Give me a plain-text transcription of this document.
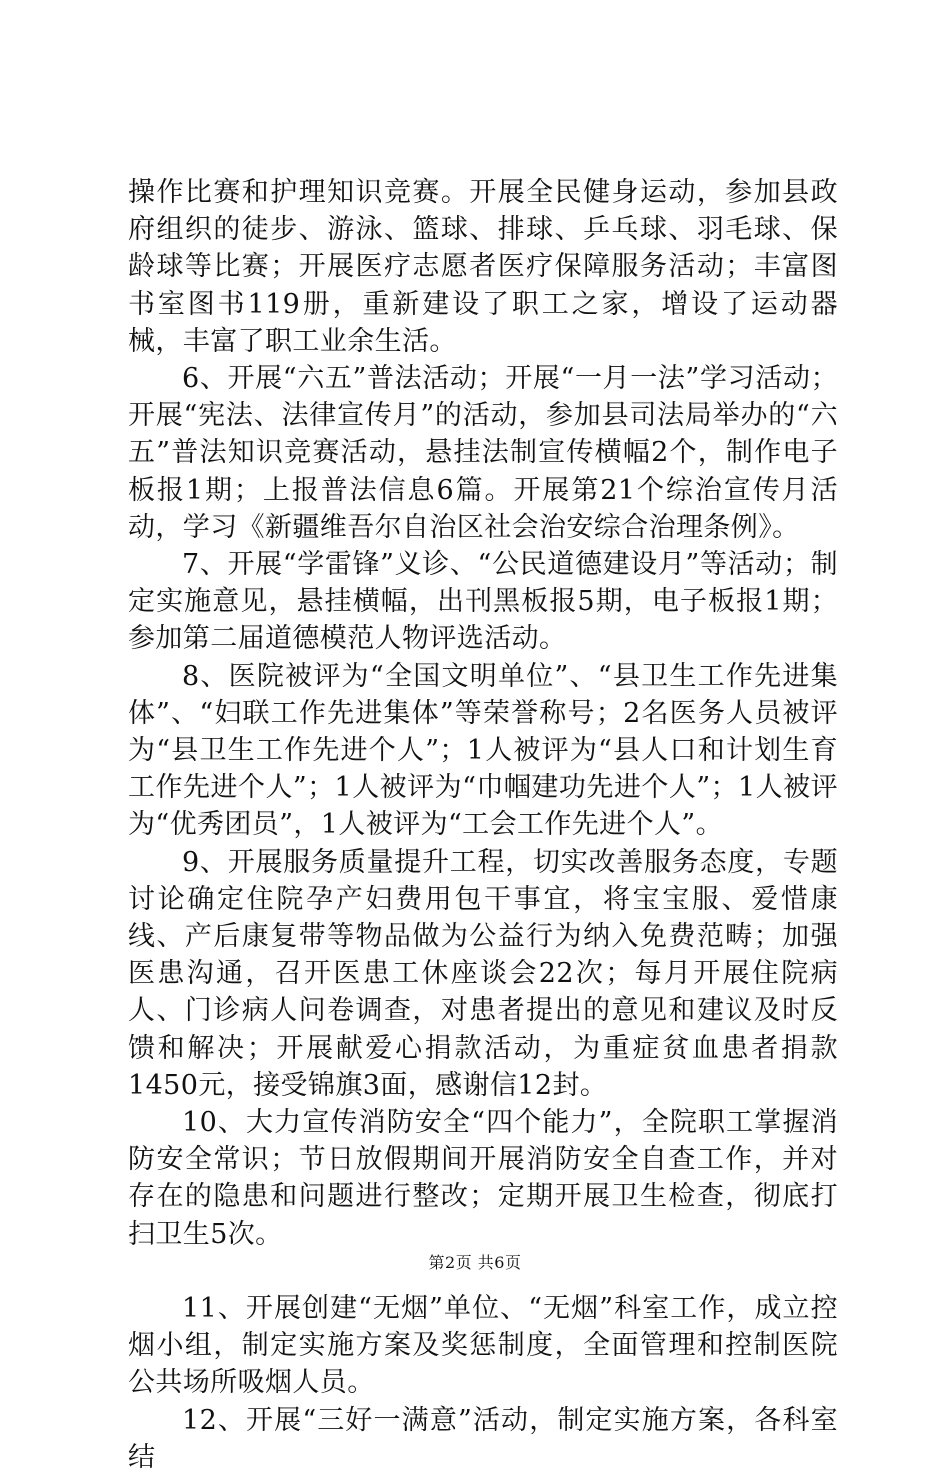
操作比赛和护理知识竞赛。开展全民健身运动，参加县政府组织的徒步、游泳、篮球、排球、乒乓球、羽毛球、保龄球等比赛；开展医疗志愿者医疗保障服务活动；丰富图书室图书119册，重新建设了职工之家，增设了运动器械，丰富了职工业余生活。

6、开展“六五”普法活动；开展“一月一法”学习活动；开展“宪法、法律宣传月”的活动，参加县司法局举办的“六五”普法知识竞赛活动，悬挂法制宣传横幅2个，制作电子板报1期；上报普法信息6篇。开展第21个综治宣传月活动，学习《新疆维吾尔自治区社会治安综合治理条例》。

7、开展“学雷锋”义诊、“公民道德建设月”等活动；制定实施意见，悬挂横幅，出刊黑板报5期，电子板报1期；参加第二届道德模范人物评选活动。

8、医院被评为“全国文明单位”、“县卫生工作先进集体”、“妇联工作先进集体”等荣誉称号；2名医务人员被评为“县卫生工作先进个人”；1人被评为“县人口和计划生育工作先进个人”；1人被评为“巾帼建功先进个人”；1人被评为“优秀团员”，1人被评为“工会工作先进个人”。

9、开展服务质量提升工程，切实改善服务态度，专题讨论确定住院孕产妇费用包干事宜，将宝宝服、爱惜康线、产后康复带等物品做为公益行为纳入免费范畴；加强医患沟通，召开医患工休座谈会22次；每月开展住院病人、门诊病人问卷调查，对患者提出的意见和建议及时反馈和解决；开展献爱心捐款活动，为重症贫血患者捐款1450元，接受锦旗3面，感谢信12封。

10、大力宣传消防安全“四个能力”，全院职工掌握消防安全常识；节日放假期间开展消防安全自查工作，并对存在的隐患和问题进行整改；定期开展卫生检查，彻底打扫卫生5次。

11、开展创建“无烟”单位、“无烟”科室工作，成立控烟小组，制定实施方案及奖惩制度，全面管理和控制医院公共场所吸烟人员。

12、开展“三好一满意”活动，制定实施方案，各科室结

第2页 共6页
